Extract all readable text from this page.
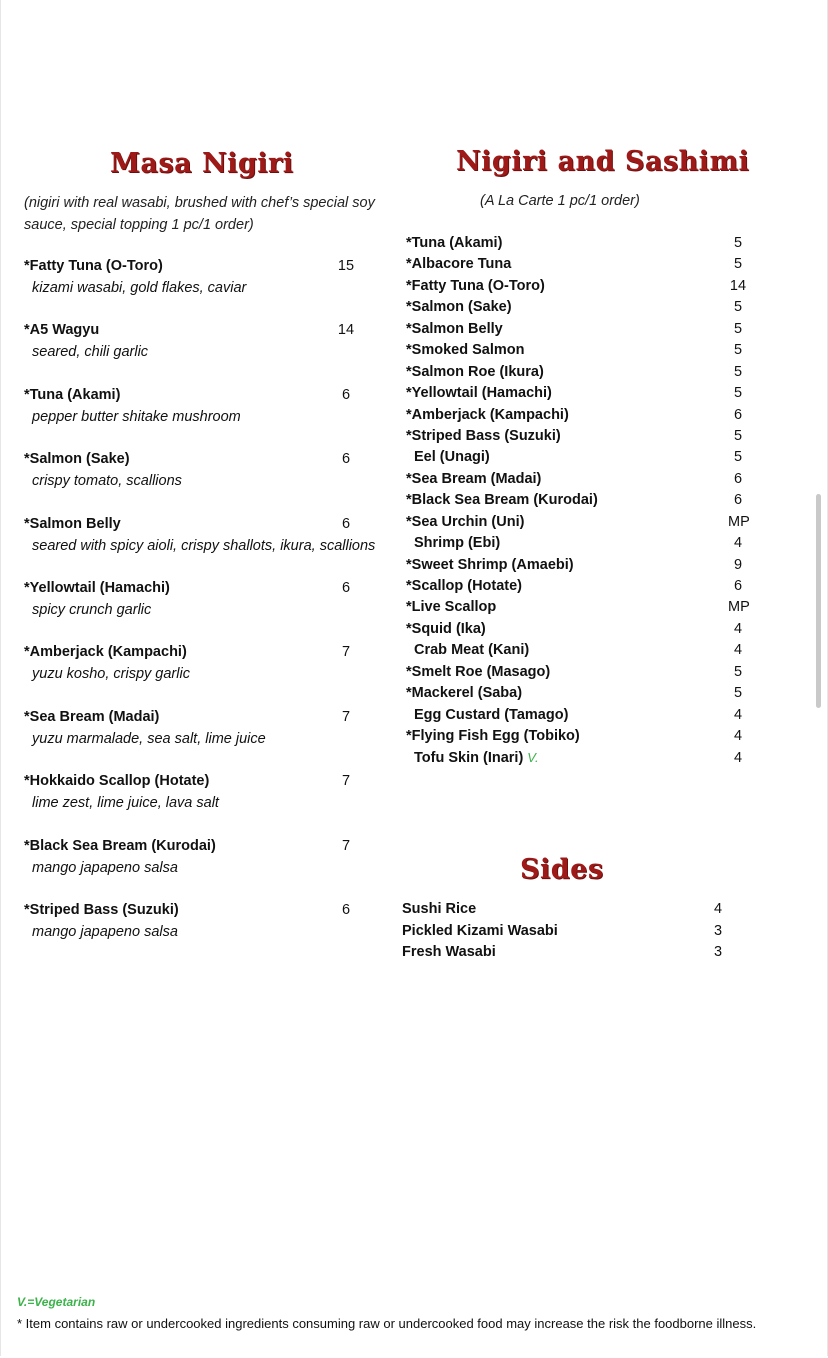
Masa Nigiri
(nigiri with real wasabi, brushed with chef’s special soy
sauce, special topping 1 pc/1 order)
*Fatty Tuna (O-Toro)	15
kizami wasabi, gold flakes, caviar
*A5 Wagyu	14
seared, chili garlic
*Tuna (Akami)	6
pepper butter shitake mushroom
*Salmon (Sake)	6
crispy tomato, scallions
*Salmon Belly	6
seared with spicy aioli, crispy shallots, ikura, scallions
*Yellowtail (Hamachi)	6
spicy crunch garlic
*Amberjack (Kampachi)	7
yuzu kosho, crispy garlic
*Sea Bream (Madai)	7
yuzu marmalade, sea salt, lime juice
*Hokkaido Scallop (Hotate)	7
lime zest, lime juice, lava salt
*Black Sea Bream (Kurodai)	7
mango japapeno salsa
*Striped Bass (Suzuki)	6
mango japapeno salsa
Nigiri and Sashimi
(A La Carte 1 pc/1 order)
*Tuna (Akami)	5
*Albacore Tuna	5
*Fatty Tuna (O-Toro)	14
*Salmon (Sake)	5
*Salmon Belly	5
*Smoked Salmon	5
*Salmon Roe (Ikura)	5
*Yellowtail (Hamachi)	5
*Amberjack (Kampachi)	6
*Striped Bass (Suzuki)	5
Eel (Unagi)	5
*Sea Bream (Madai)	6
*Black Sea Bream (Kurodai)	6
*Sea Urchin (Uni)	MP
Shrimp (Ebi)	4
*Sweet Shrimp (Amaebi)	9
*Scallop (Hotate)	6
*Live Scallop	MP
*Squid (Ika)	4
Crab Meat (Kani)	4
*Smelt Roe (Masago)	5
*Mackerel (Saba)	5
Egg Custard (Tamago)	4
*Flying Fish Egg (Tobiko)	4
Tofu Skin (Inari) V.	4
Sides
Sushi Rice	4
Pickled Kizami Wasabi	3
Fresh Wasabi	3
V.=Vegetarian
* Item contains raw or undercooked ingredients consuming raw or undercooked food may increase the risk the foodborne illness.
